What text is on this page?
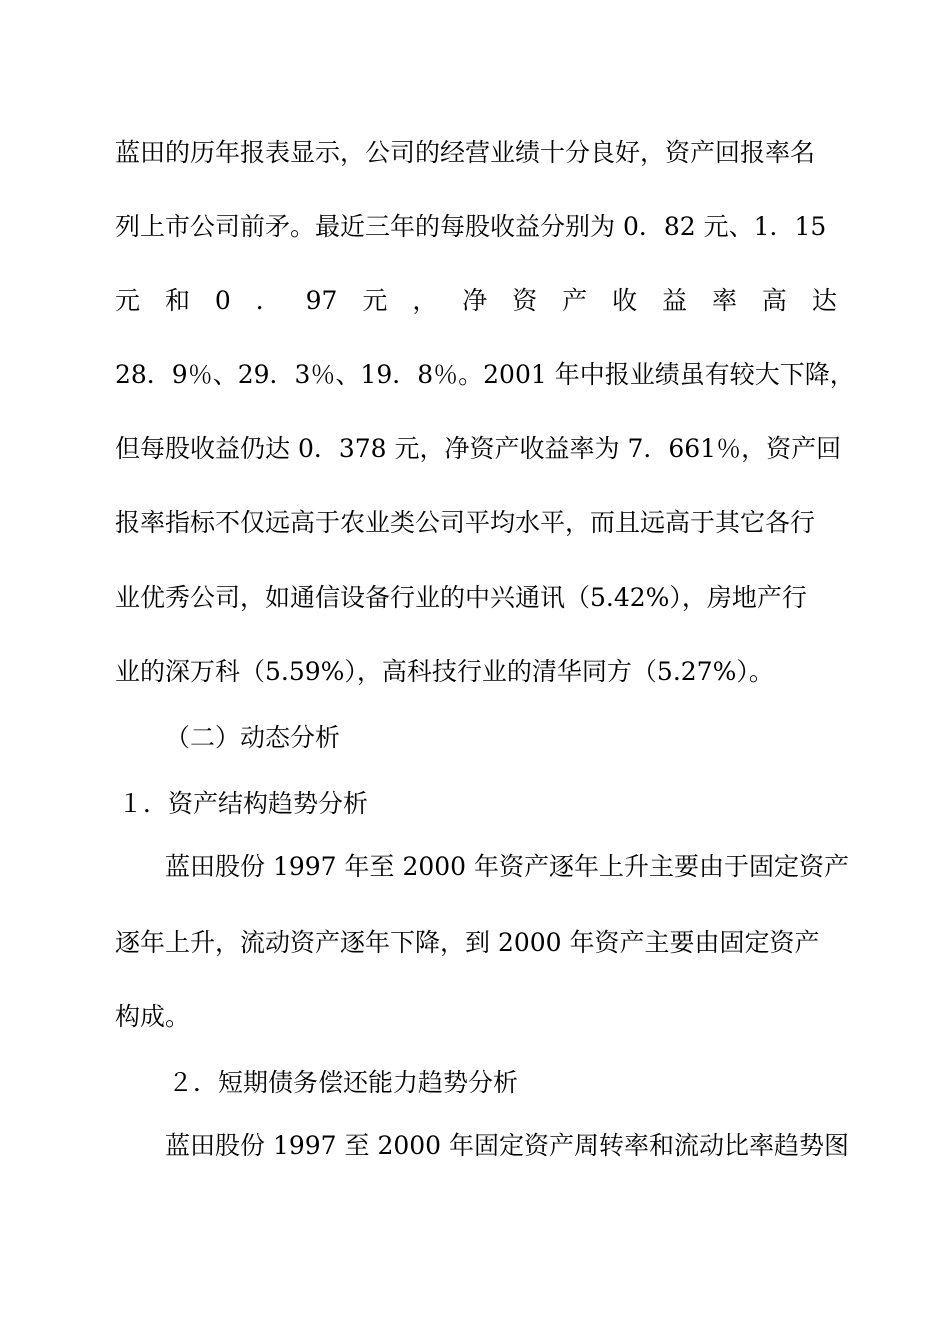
蓝田的历年报表显示，公司的经营业绩十分良好，资产回报率名
列上市公司前矛。最近三年的每股收益分别为 0．82 元、1．15
元 和 0 ． 97 元 ， 净 资 产 收 益 率 高 达
28．9％、29．3％、19．8％。2001 年中报业绩虽有较大下降，
但每股收益仍达 0．378 元，净资产收益率为 7．661％，资产回
报率指标不仅远高于农业类公司平均水平，而且远高于其它各行
业优秀公司，如通信设备行业的中兴通讯（5.42%），房地产行
业的深万科（5.59%），高科技行业的清华同方（5.27%）。
（二）动态分析
１．资产结构趋势分析
蓝田股份 1997 年至 2000 年资产逐年上升主要由于固定资产
逐年上升，流动资产逐年下降，到 2000 年资产主要由固定资产
构成。
２．短期债务偿还能力趋势分析
蓝田股份 1997 至 2000 年固定资产周转率和流动比率趋势图
